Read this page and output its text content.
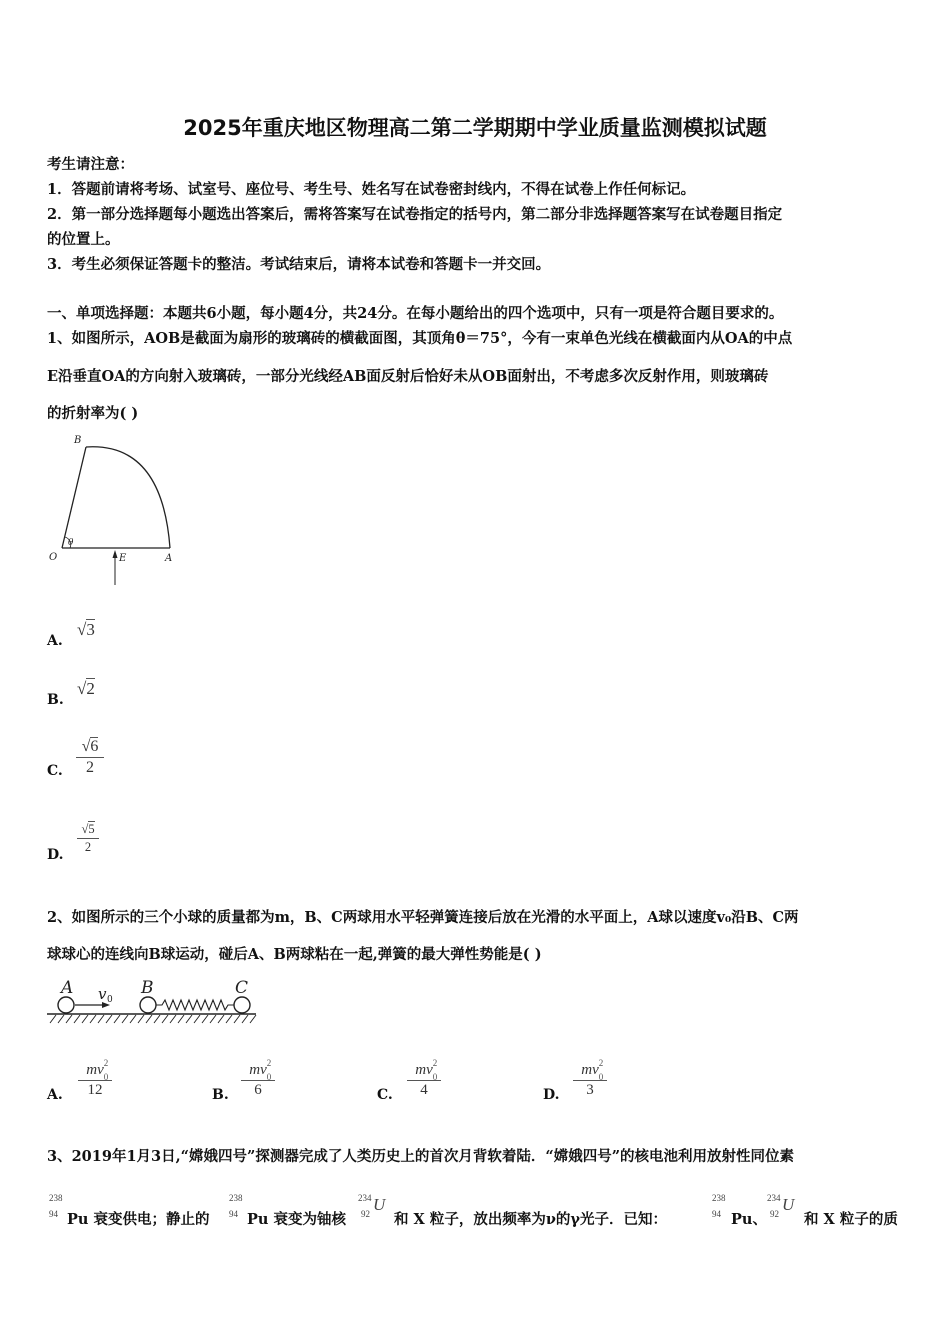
2025年重庆地区物理高二第二学期期中学业质量监测模拟试题
考生请注意：
1．答题前请将考场、试室号、座位号、考生号、姓名写在试卷密封线内，不得在试卷上作任何标记。
2．第一部分选择题每小题选出答案后，需将答案写在试卷指定的括号内，第二部分非选择题答案写在试卷题目指定
的位置上。
3．考生必须保证答题卡的整洁。考试结束后，请将本试卷和答题卡一并交回。
一、单项选择题：本题共6小题，每小题4分，共24分。在每小题给出的四个选项中，只有一项是符合题目要求的。
1、如图所示，AOB是截面为扇形的玻璃砖的横截面图，其顶角θ＝75°，今有一束单色光线在横截面内从OA的中点
E沿垂直OA的方向射入玻璃砖，一部分光线经AB面反射后恰好未从OB面射出，不考虑多次反射作用，则玻璃砖
的折射率为( )
B
O
θ
E	A
A.
√3
B.
√2
C.
√6
2
D.
√5
2
2、如图所示的三个小球的质量都为m，B、C两球用水平轻弹簧连接后放在光滑的水平面上，A球以速度v₀沿B、C两
球球心的连线向B球运动，碰后A、B两球粘在一起,弹簧的最大弹性势能是( )
A v 0
B	C
A.
mv 2
0
12	B.
mv 2
0
6	C.
mv 2
0
4	D.
mv 2
0
3
3、2019年1月3日,“嫦娥四号”探测器完成了人类历史上的首次月背软着陆．“嫦娥四号”的核电池利用放射性同位素
238
94 Pu 衰变供电；静止的
238
94 Pu 衰变为铀核
234
92 U
和 X 粒子，放出频率为ν的γ光子．已知：
238
94 Pu、
234
92 U
和 X 粒子的质
